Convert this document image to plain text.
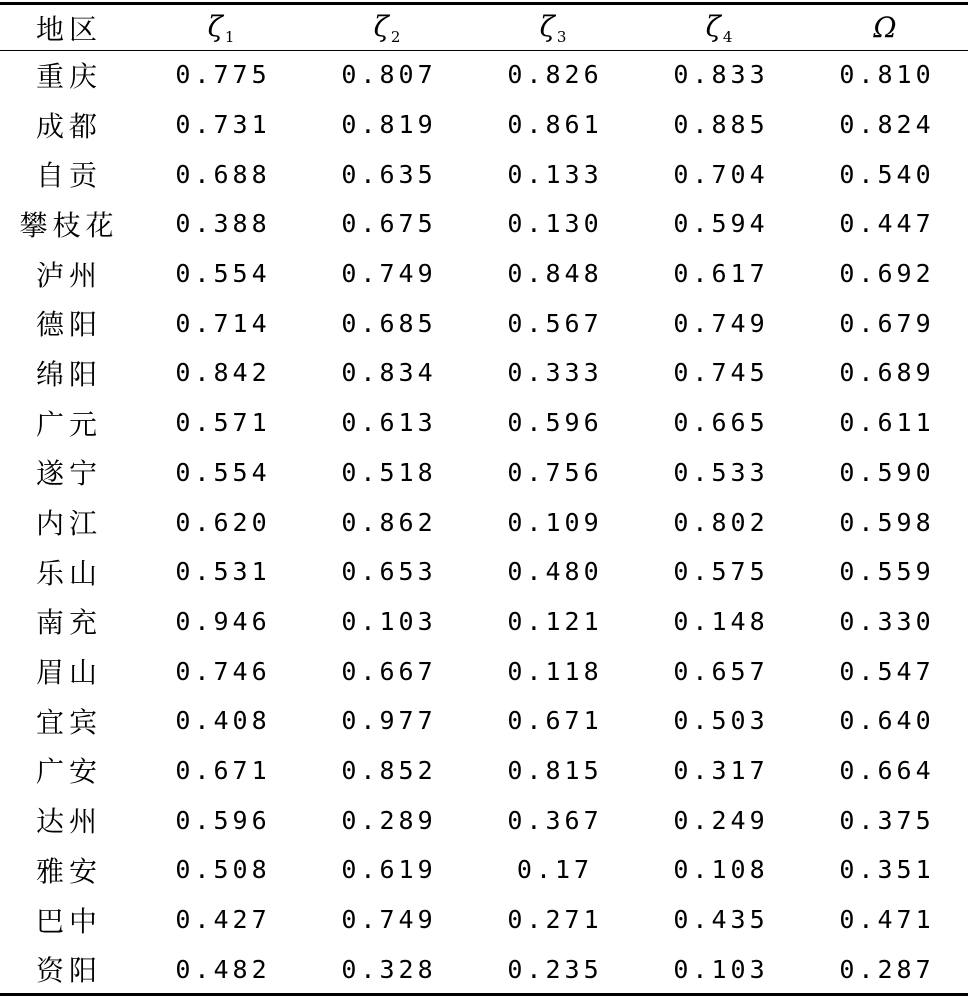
地区	ζ $_1$	ζ $_2$	ζ $_3$	ζ $_4$	Ω
重庆	0.775	0.807	0.826	0.833	0.810
成都	0.731	0.819	0.861	0.885	0.824
自贡	0.688	0.635	0.133	0.704	0.540
攀枝花	0.388	0.675	0.130	0.594	0.447
泸州	0.554	0.749	0.848	0.617	0.692
德阳	0.714	0.685	0.567	0.749	0.679
绵阳	0.842	0.834	0.333	0.745	0.689
广元	0.571	0.613	0.596	0.665	0.611
遂宁	0.554	0.518	0.756	0.533	0.590
内江	0.620	0.862	0.109	0.802	0.598
乐山	0.531	0.653	0.480	0.575	0.559
南充	0.946	0.103	0.121	0.148	0.330
眉山	0.746	0.667	0.118	0.657	0.547
宜宾	0.408	0.977	0.671	0.503	0.640
广安	0.671	0.852	0.815	0.317	0.664
达州	0.596	0.289	0.367	0.249	0.375
雅安	0.508	0.619	0.17	0.108	0.351
巴中	0.427	0.749	0.271	0.435	0.471
资阳	0.482	0.328	0.235	0.103	0.287
